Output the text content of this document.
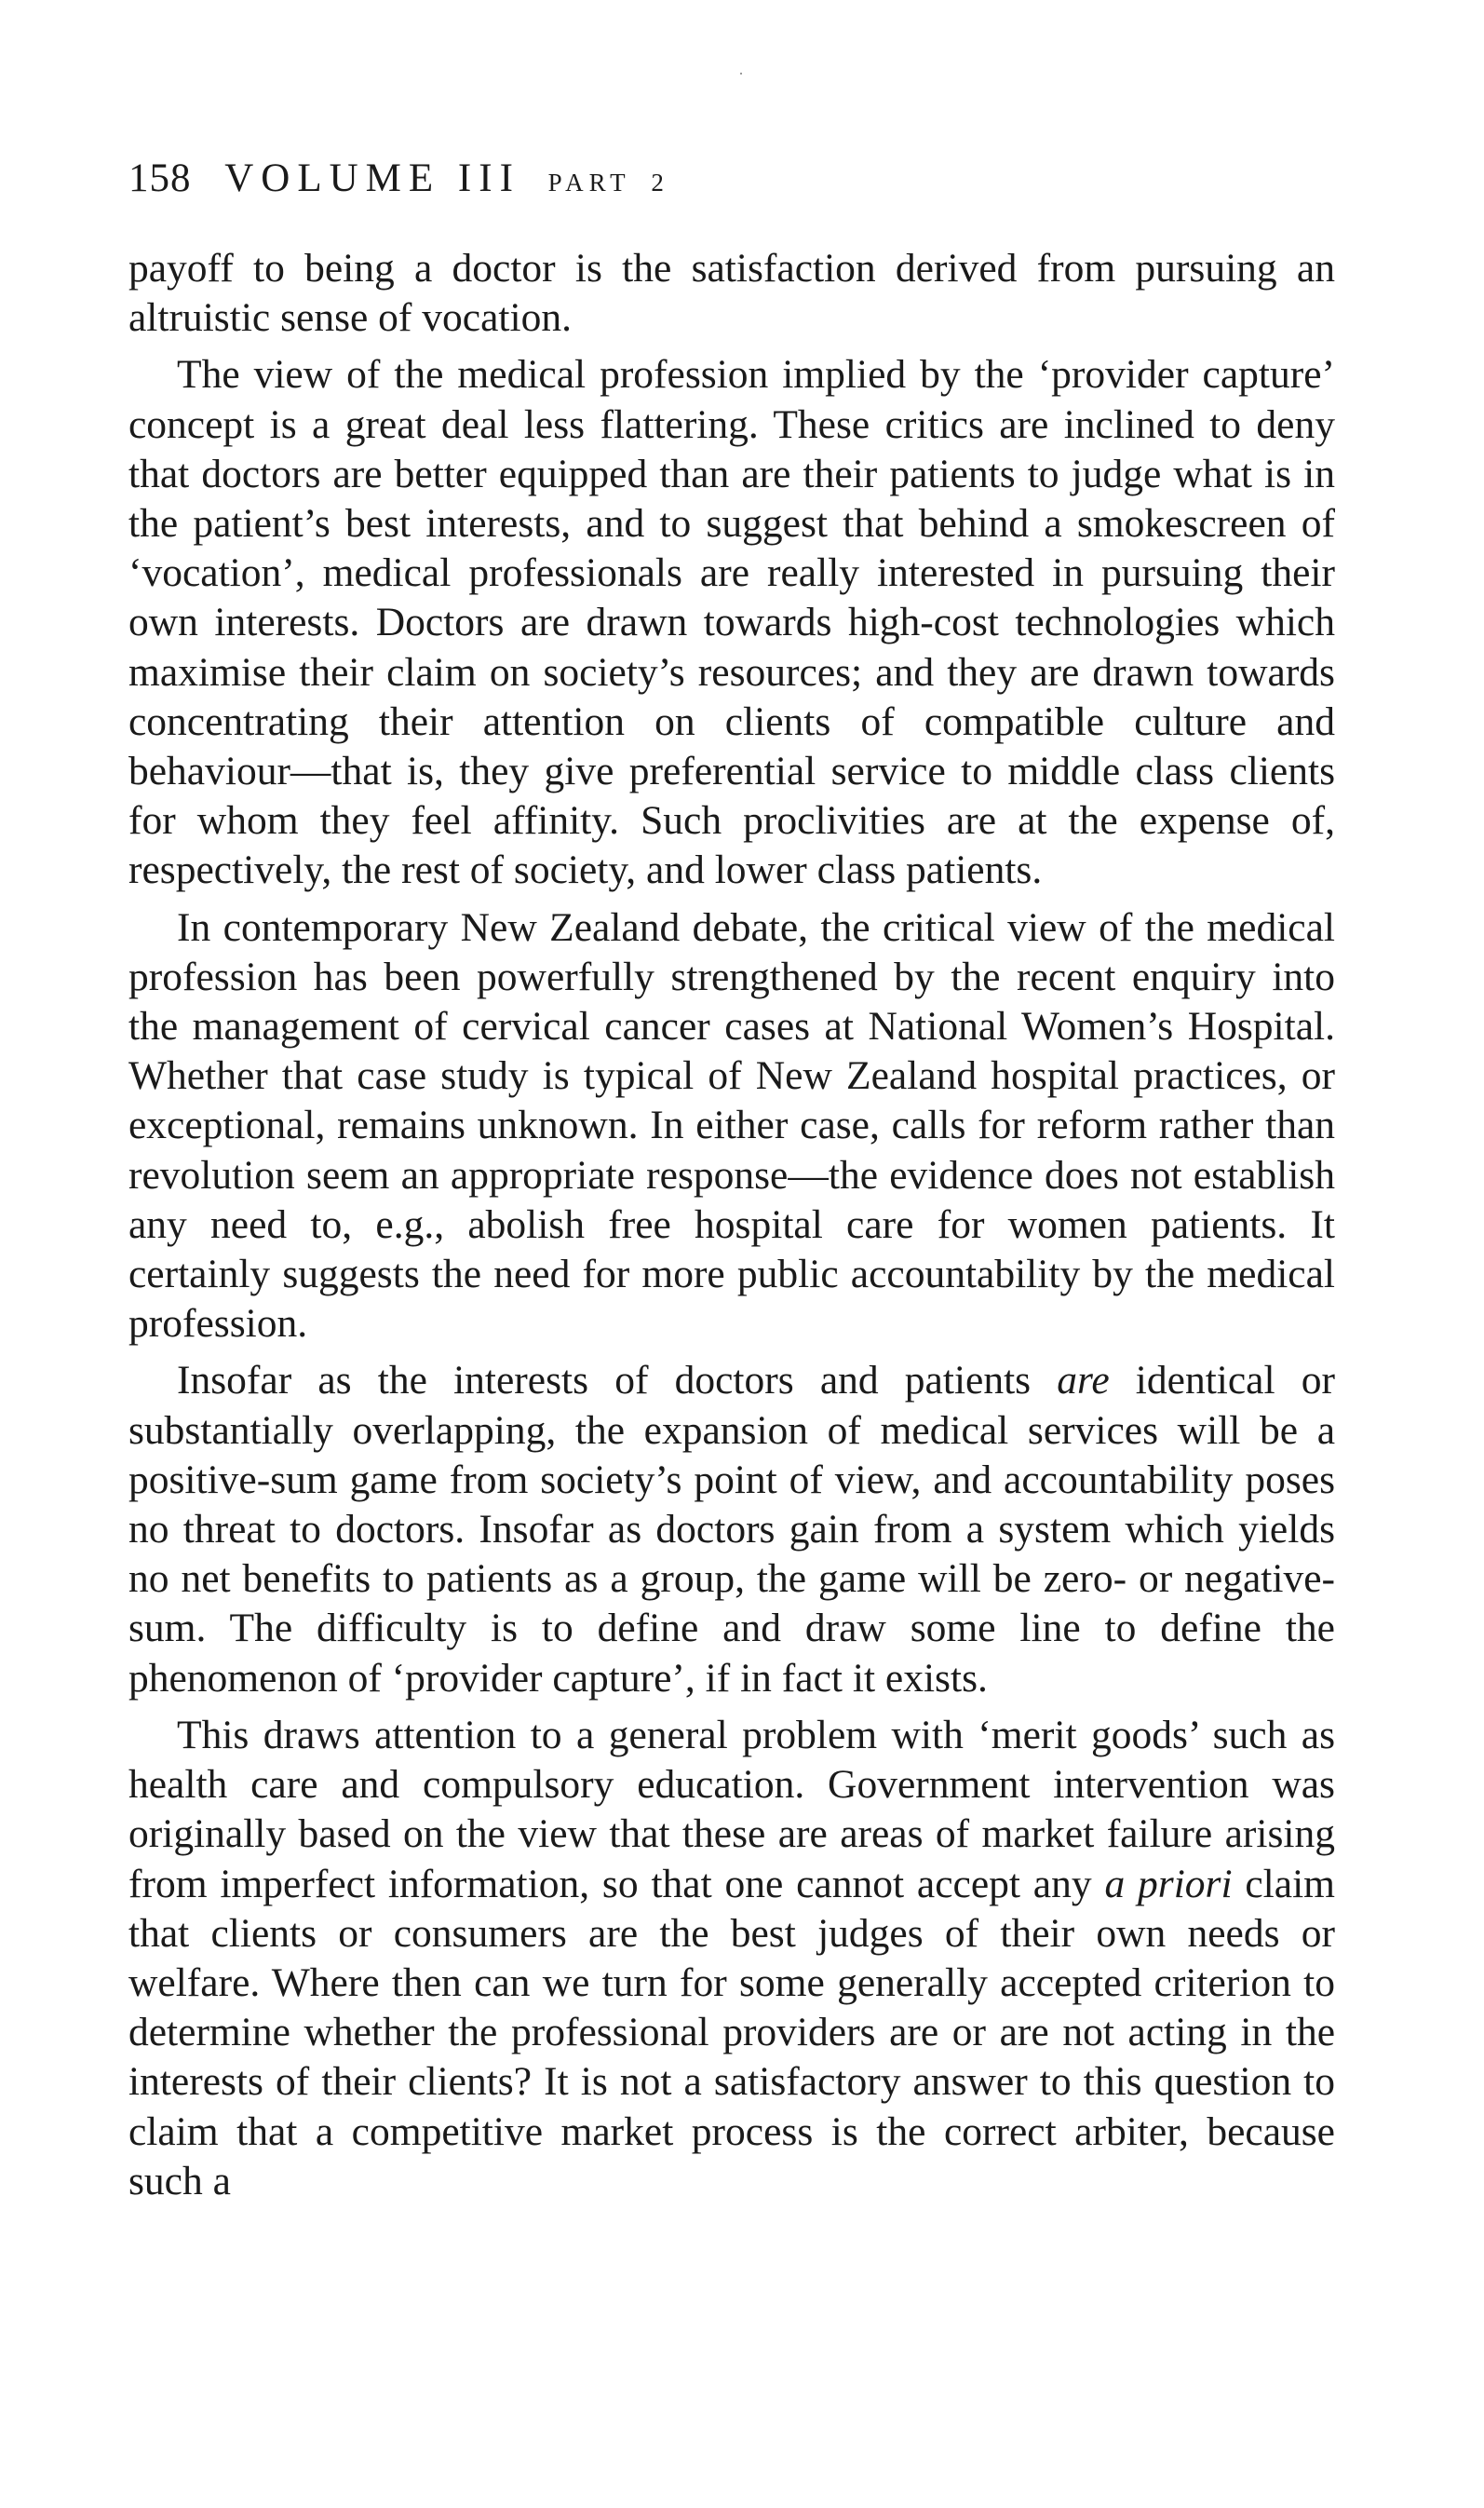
158 VOLUME III PART 2

payoff to being a doctor is the satisfaction derived from pursuing an altruistic sense of vocation.

The view of the medical profession implied by the ‘provider capture’ concept is a great deal less flattering. These critics are inclined to deny that doctors are better equipped than are their patients to judge what is in the patient’s best interests, and to suggest that behind a smokescreen of ‘vocation’, medical professionals are really interested in pursuing their own interests. Doctors are drawn towards high-cost technologies which maximise their claim on society’s resources; and they are drawn towards concentrating their attention on clients of compatible culture and behaviour—that is, they give preferential service to middle class clients for whom they feel affinity. Such proclivities are at the expense of, respectively, the rest of society, and lower class patients.

In contemporary New Zealand debate, the critical view of the medical profession has been powerfully strengthened by the recent enquiry into the management of cervical cancer cases at National Women’s Hospital. Whether that case study is typical of New Zealand hospital practices, or exceptional, remains unknown. In either case, calls for reform rather than revolution seem an appropriate response—the evidence does not establish any need to, e.g., abolish free hospital care for women patients. It certainly suggests the need for more public accountability by the medical profession.

Insofar as the interests of doctors and patients are identical or substantially overlapping, the expansion of medical services will be a positive-sum game from society’s point of view, and accountability poses no threat to doctors. Insofar as doctors gain from a system which yields no net benefits to patients as a group, the game will be zero- or negative-sum. The difficulty is to define and draw some line to define the phenomenon of ‘provider capture’, if in fact it exists.

This draws attention to a general problem with ‘merit goods’ such as health care and compulsory education. Government intervention was originally based on the view that these are areas of market failure arising from imperfect information, so that one cannot accept any a priori claim that clients or consumers are the best judges of their own needs or welfare. Where then can we turn for some generally accepted criterion to determine whether the professional providers are or are not acting in the interests of their clients? It is not a satisfactory answer to this question to claim that a competitive market process is the correct arbiter, because such a
